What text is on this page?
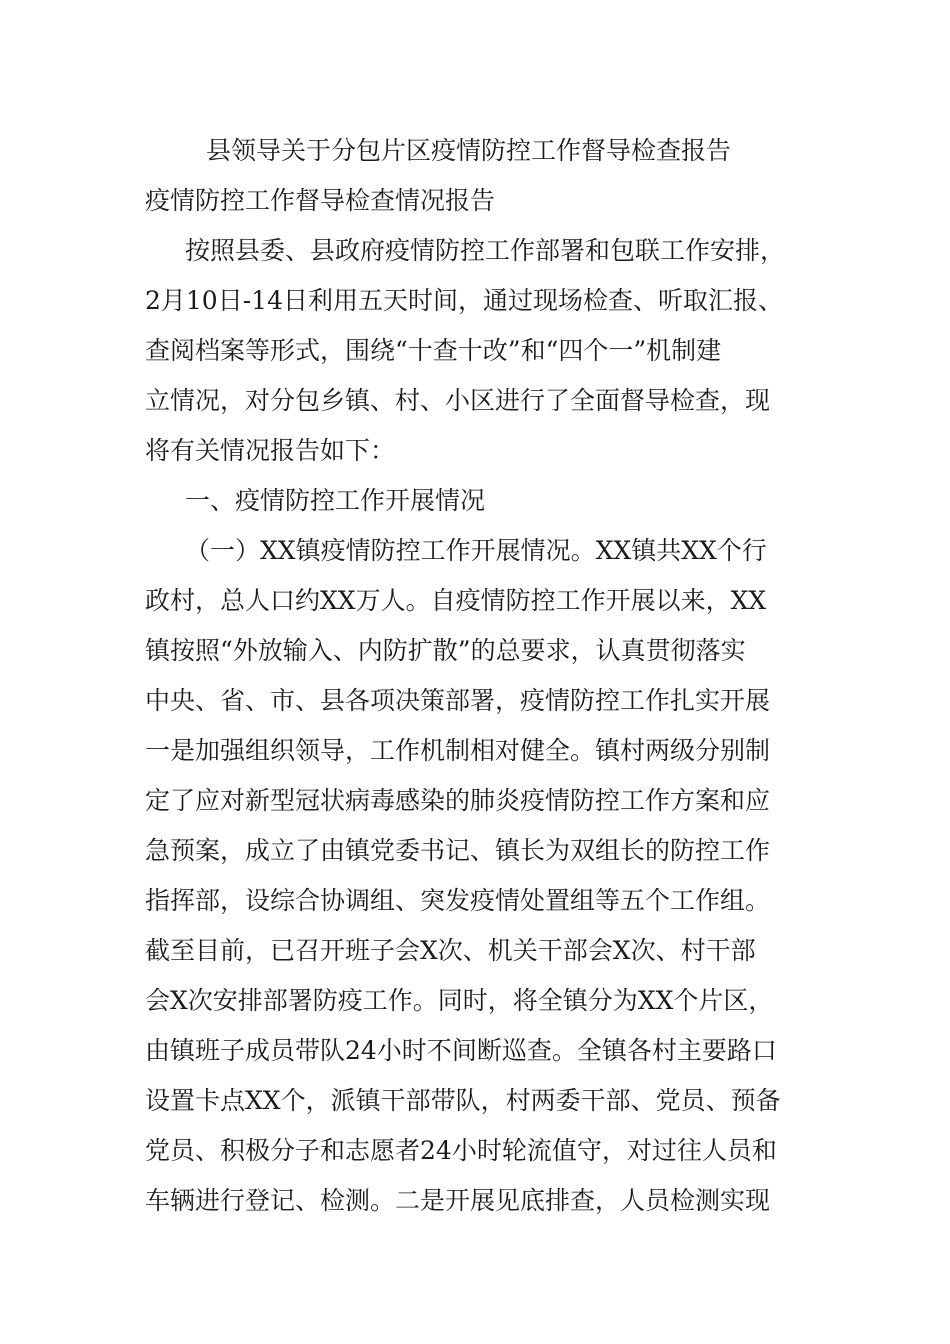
县领导关于分包片区疫情防控工作督导检查报告
疫情防控工作督导检查情况报告
按照县委、县政府疫情防控工作部署和包联工作安排，
2月10日-14日利用五天时间，通过现场检查、听取汇报、
查阅档案等形式，围绕“十查十改”和“四个一”机制建
立情况，对分包乡镇、村、小区进行了全面督导检查，现
将有关情况报告如下：
一、疫情防控工作开展情况
（一）XX镇疫情防控工作开展情况。XX镇共XX个行
政村，总人口约XX万人。自疫情防控工作开展以来，XX
镇按照“外放输入、内防扩散”的总要求，认真贯彻落实
中央、省、市、县各项决策部署，疫情防控工作扎实开展
一是加强组织领导，工作机制相对健全。镇村两级分别制
定了应对新型冠状病毒感染的肺炎疫情防控工作方案和应
急预案，成立了由镇党委书记、镇长为双组长的防控工作
指挥部，设综合协调组、突发疫情处置组等五个工作组。
截至目前，已召开班子会X次、机关干部会X次、村干部
会X次安排部署防疫工作。同时，将全镇分为XX个片区，
由镇班子成员带队24小时不间断巡查。全镇各村主要路口
设置卡点XX个，派镇干部带队，村两委干部、党员、预备
党员、积极分子和志愿者24小时轮流值守，对过往人员和
车辆进行登记、检测。二是开展见底排查，人员检测实现
